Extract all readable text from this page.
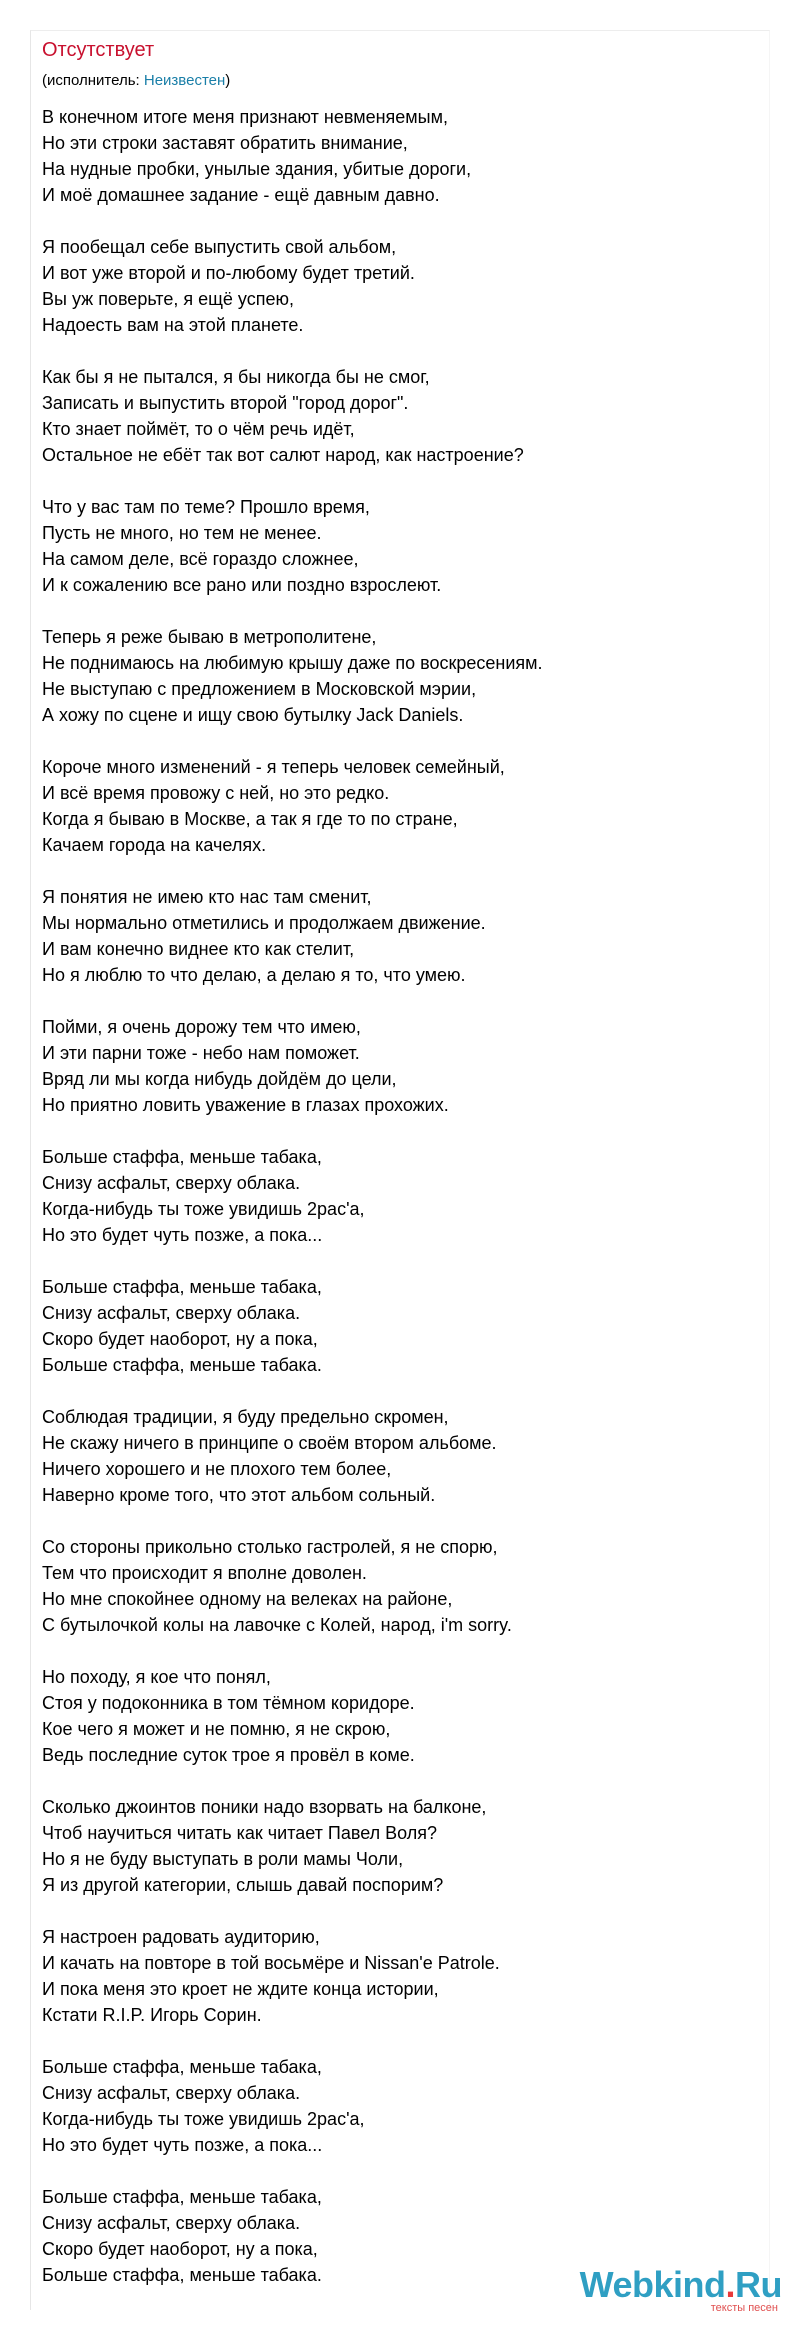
Отсутствует
(исполнитель: Неизвестен)
В конечном итоге меня признают невменяемым,
Но эти строки заставят обратить внимание,
На нудные пробки, унылые здания, убитые дороги,
И моё домашнее задание - ещё давным давно.
Я пообещал себе выпустить свой альбом,
И вот уже второй и по-любому будет третий.
Вы уж поверьте, я ещё успею,
Надоесть вам на этой планете.
Как бы я не пытался, я бы никогда бы не смог,
Записать и выпустить второй "город дорог".
Кто знает поймёт, то о чём речь идёт,
Остальное не ебёт так вот салют народ, как настроение?
Что у вас там по теме? Прошло время,
Пусть не много, но тем не менее.
На самом деле, всё гораздо сложнее,
И к сожалению все рано или поздно взрослеют.
Теперь я реже бываю в метрополитене,
Не поднимаюсь на любимую крышу даже по воскресениям.
Не выступаю с предложением в Московской мэрии,
А хожу по сцене и ищу свою бутылку Jack Daniels.
Короче много изменений - я теперь человек семейный,
И всё время провожу с ней, но это редко.
Когда я бываю в Москве, а так я где то по стране,
Качаем города на качелях.
Я понятия не имею кто нас там сменит,
Мы нормально отметились и продолжаем движение.
И вам конечно виднее кто как стелит,
Но я люблю то что делаю, а делаю я то, что умею.
Пойми, я очень дорожу тем что имею,
И эти парни тоже - небо нам поможет.
Вряд ли мы когда нибудь дойдём до цели,
Но приятно ловить уважение в глазах прохожих.
Больше стаффа, меньше табака,
Снизу асфальт, сверху облака.
Когда-нибудь ты тоже увидишь 2рас'а,
Но это будет чуть позже, а пока...
Больше стаффа, меньше табака,
Снизу асфальт, сверху облака.
Скоро будет наоборот, ну а пока,
Больше стаффа, меньше табака.
Соблюдая традиции, я буду предельно скромен,
Не скажу ничего в принципе о своём втором альбоме.
Ничего хорошего и не плохого тем более,
Наверно кроме того, что этот альбом сольный.
Со стороны прикольно столько гастролей, я не спорю,
Тем что происходит я вполне доволен.
Но мне спокойнее одному на велеках на районе,
С бутылочкой колы на лавочке с Колей, народ, i'm sorry.
Но походу, я кое что понял,
Стоя у подоконника в том тёмном коридоре.
Кое чего я может и не помню, я не скрою,
Ведь последние суток трое я провёл в коме.
Сколько джоинтов поники надо взорвать на балконе,
Чтоб научиться читать как читает Павел Воля?
Но я не буду выступать в роли мамы Чоли,
Я из другой категории, слышь давай поспорим?
Я настроен радовать аудиторию,
И качать на повторе в той восьмёре и Nissan'e Patrole.
И пока меня это кроет не ждите конца истории,
Кстати R.I.P. Игорь Сорин.
Больше стаффа, меньше табака,
Снизу асфальт, сверху облака.
Когда-нибудь ты тоже увидишь 2рас'а,
Но это будет чуть позже, а пока...
Больше стаффа, меньше табака,
Снизу асфальт, сверху облака.
Скоро будет наоборот, ну а пока,
Больше стаффа, меньше табака.	Webkind.Ru
тексты песен
